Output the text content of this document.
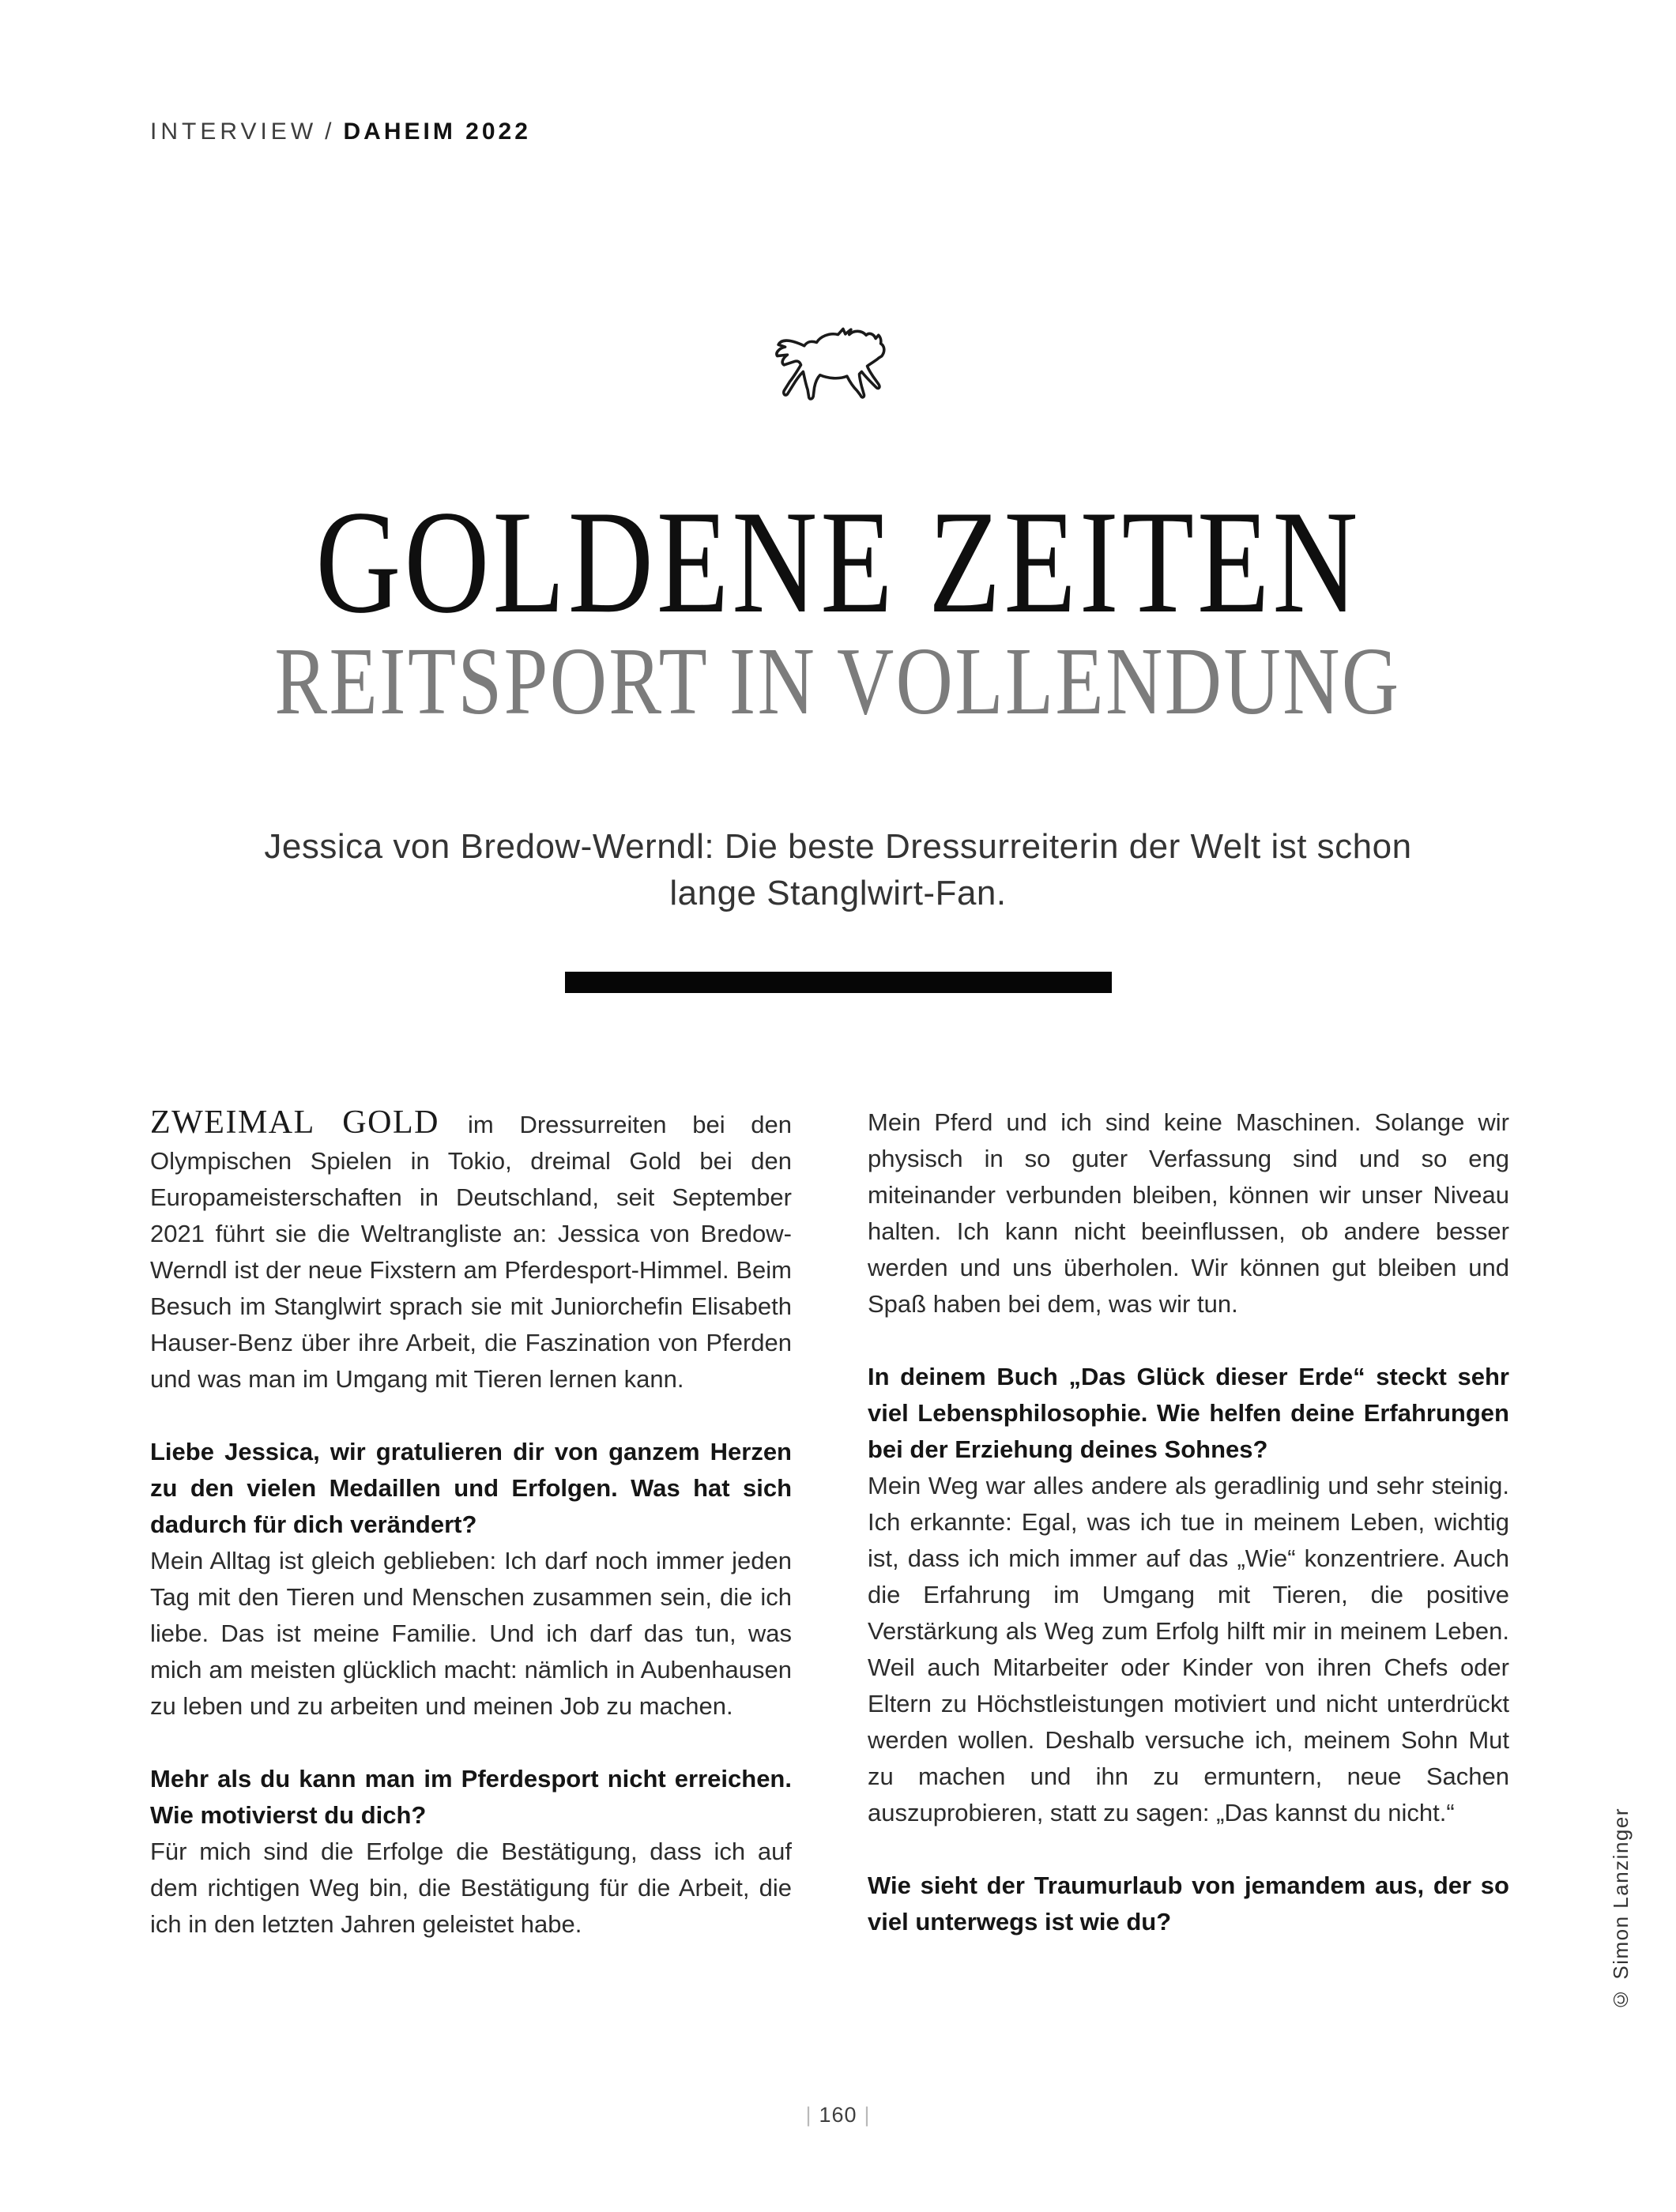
INTERVIEW / DAHEIM 2022
GOLDENE ZEITEN
REITSPORT IN VOLLENDUNG
Jessica von Bredow-Werndl: Die beste Dressurreiterin der Welt ist schon lange Stanglwirt-Fan.

ZWEIMAL GOLD im Dressurreiten bei den Olympischen Spielen in Tokio, dreimal Gold bei den Europameisterschaften in Deutschland, seit September 2021 führt sie die Weltrangliste an: Jessica von Bredow-Werndl ist der neue Fixstern am Pferdesport-Himmel. Beim Besuch im Stanglwirt sprach sie mit Juniorchefin Elisabeth Hauser-Benz über ihre Arbeit, die Faszination von Pferden und was man im Umgang mit Tieren lernen kann.

Liebe Jessica, wir gratulieren dir von ganzem Herzen zu den vielen Medaillen und Erfolgen. Was hat sich dadurch für dich verändert?

Mein Alltag ist gleich geblieben: Ich darf noch immer jeden Tag mit den Tieren und Menschen zusammen sein, die ich liebe. Das ist meine Familie. Und ich darf das tun, was mich am meisten glücklich macht: nämlich in Aubenhausen zu leben und zu arbeiten und meinen Job zu machen.

Mehr als du kann man im Pferdesport nicht erreichen. Wie motivierst du dich?

Für mich sind die Erfolge die Bestätigung, dass ich auf dem richtigen Weg bin, die Bestätigung für die Arbeit, die ich in den letzten Jahren geleistet habe.

Mein Pferd und ich sind keine Maschinen. Solange wir physisch in so guter Verfassung sind und so eng miteinander verbunden bleiben, können wir unser Niveau halten. Ich kann nicht beeinflussen, ob andere besser werden und uns überholen. Wir können gut bleiben und Spaß haben bei dem, was wir tun.

In deinem Buch „Das Glück dieser Erde“ steckt sehr viel Lebensphilosophie. Wie helfen deine Erfahrungen bei der Erziehung deines Sohnes?

Mein Weg war alles andere als geradlinig und sehr steinig. Ich erkannte: Egal, was ich tue in meinem Leben, wichtig ist, dass ich mich immer auf das „Wie“ konzentriere. Auch die Erfahrung im Umgang mit Tieren, die positive Verstärkung als Weg zum Erfolg hilft mir in meinem Leben. Weil auch Mitarbeiter oder Kinder von ihren Chefs oder Eltern zu Höchstleistungen motiviert und nicht unterdrückt werden wollen. Deshalb versuche ich, meinem Sohn Mut zu machen und ihn zu ermuntern, neue Sachen auszuprobieren, statt zu sagen: „Das kannst du nicht.“

Wie sieht der Traumurlaub von jemandem aus, der so viel unterwegs ist wie du?

| 160 |
© Simon Lanzinger
